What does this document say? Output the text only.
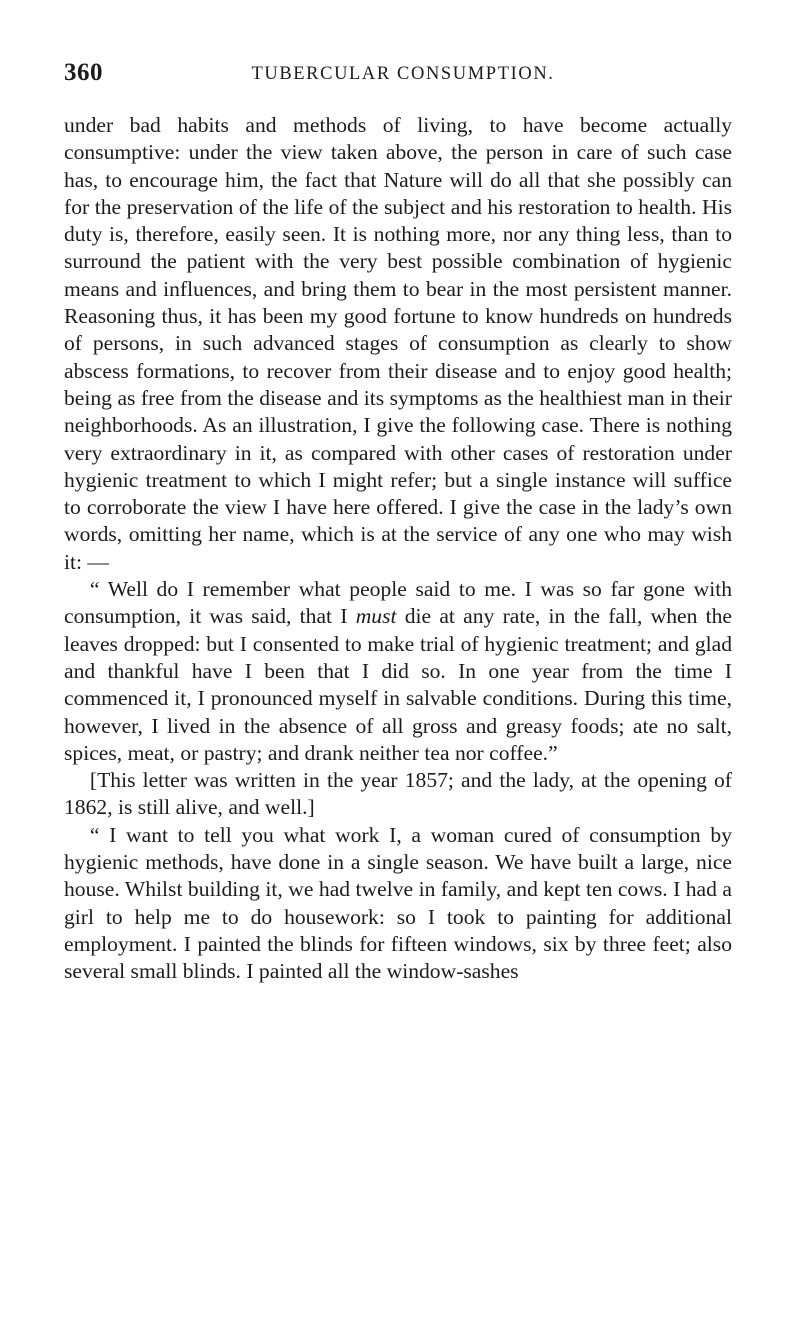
360	TUBERCULAR CONSUMPTION.

under bad habits and methods of living, to have become actually consumptive: under the view taken above, the person in care of such case has, to encourage him, the fact that Nature will do all that she possibly can for the preservation of the life of the subject and his restoration to health. His duty is, therefore, easily seen. It is nothing more, nor any thing less, than to surround the patient with the very best possible combination of hygienic means and influences, and bring them to bear in the most persistent manner. Reasoning thus, it has been my good fortune to know hundreds on hundreds of persons, in such advanced stages of consumption as clearly to show abscess formations, to recover from their disease and to enjoy good health; being as free from the disease and its symptoms as the healthiest man in their neighborhoods. As an illustration, I give the following case. There is nothing very extraordinary in it, as compared with other cases of restoration under hygienic treatment to which I might refer; but a single instance will suffice to corroborate the view I have here offered. I give the case in the lady’s own words, omitting her name, which is at the service of any one who may wish it: —

“ Well do I remember what people said to me. I was so far gone with consumption, it was said, that I must die at any rate, in the fall, when the leaves dropped: but I consented to make trial of hygienic treatment; and glad and thankful have I been that I did so. In one year from the time I commenced it, I pronounced myself in salvable conditions. During this time, however, I lived in the absence of all gross and greasy foods; ate no salt, spices, meat, or pastry; and drank neither tea nor coffee.”

[This letter was written in the year 1857; and the lady, at the opening of 1862, is still alive, and well.]

“ I want to tell you what work I, a woman cured of consumption by hygienic methods, have done in a single season. We have built a large, nice house. Whilst building it, we had twelve in family, and kept ten cows. I had a girl to help me to do housework: so I took to painting for additional employment. I painted the blinds for fifteen windows, six by three feet; also several small blinds. I painted all the window-sashes
